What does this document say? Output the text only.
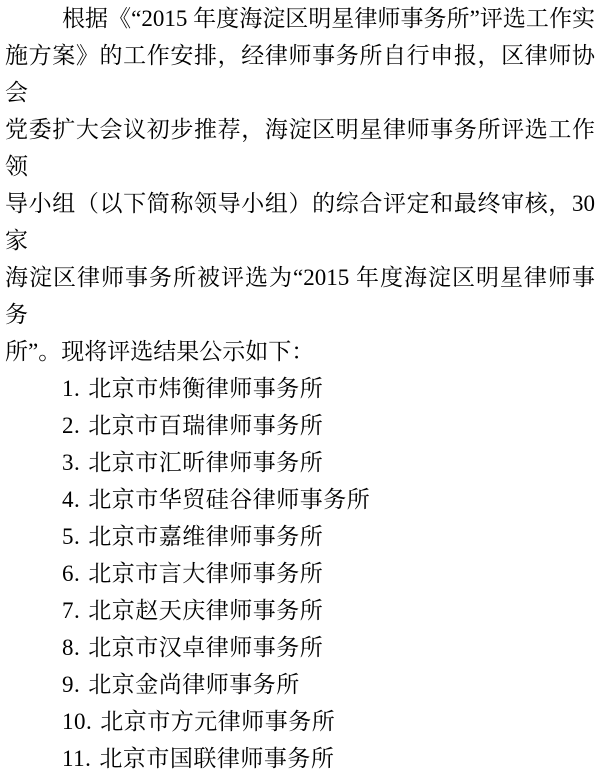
根据《“2015 年度海淀区明星律师事务所”评选工作实
施方案》的工作安排，经律师事务所自行申报，区律师协会
党委扩大会议初步推荐，海淀区明星律师事务所评选工作领
导小组（以下简称领导小组）的综合评定和最终审核，30 家
海淀区律师事务所被评选为“2015 年度海淀区明星律师事务
所”。现将评选结果公示如下：
1. 北京市炜衡律师事务所
2. 北京市百瑞律师事务所
3. 北京市汇昕律师事务所
4. 北京市华贸硅谷律师事务所
5. 北京市嘉维律师事务所
6. 北京市言大律师事务所
7. 北京赵天庆律师事务所
8. 北京市汉卓律师事务所
9. 北京金尚律师事务所
10. 北京市方元律师事务所
11. 北京市国联律师事务所
